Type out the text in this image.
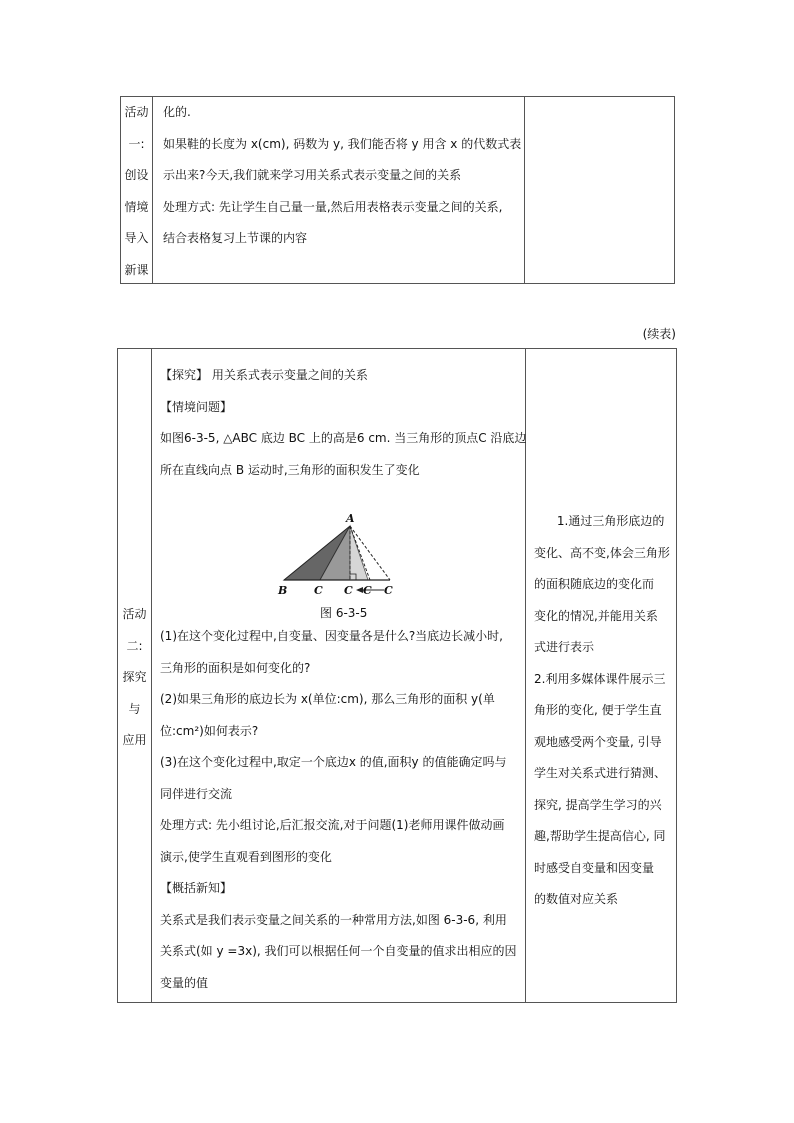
活动
一:
创设
情境
导入
新课

化的.

如果鞋的长度为 x(cm), 码数为 y, 我们能否将 y 用含 x 的代数式表

示出来?今天,我们就来学习用关系式表示变量之间的关系

处理方式: 先让学生自己量一量,然后用表格表示变量之间的关系,

结合表格复习上节课的内容

(续表)
活动
二:
探究
与
应用

【探究】 用关系式表示变量之间的关系

【情境问题】

如图6-3-5, △ABC 底边 BC 上的高是6 cm. 当三角形的顶点C 沿底边

所在直线向点 B 运动时,三角形的面积发生了变化

A
B C C C C
图 6-3-5

(1)在这个变化过程中,自变量、因变量各是什么?当底边长减小时,

三角形的面积是如何变化的?

(2)如果三角形的底边长为 x(单位:cm), 那么三角形的面积 y(单

位:cm²)如何表示?

(3)在这个变化过程中,取定一个底边x 的值,面积y 的值能确定吗与

同伴进行交流

处理方式: 先小组讨论,后汇报交流,对于问题(1)老师用课件做动画

演示,使学生直观看到图形的变化

【概括新知】

关系式是我们表示变量之间关系的一种常用方法,如图 6-3-6, 利用

关系式(如 y =3x), 我们可以根据任何一个自变量的值求出相应的因

变量的值

1.通过三角形底边的

变化、高不变,体会三角形

的面积随底边的变化而

变化的情况,并能用关系

式进行表示

2.利用多媒体课件展示三

角形的变化, 便于学生直

观地感受两个变量, 引导

学生对关系式进行猜测、

探究, 提高学生学习的兴

趣,帮助学生提高信心, 同

时感受自变量和因变量

的数值对应关系
